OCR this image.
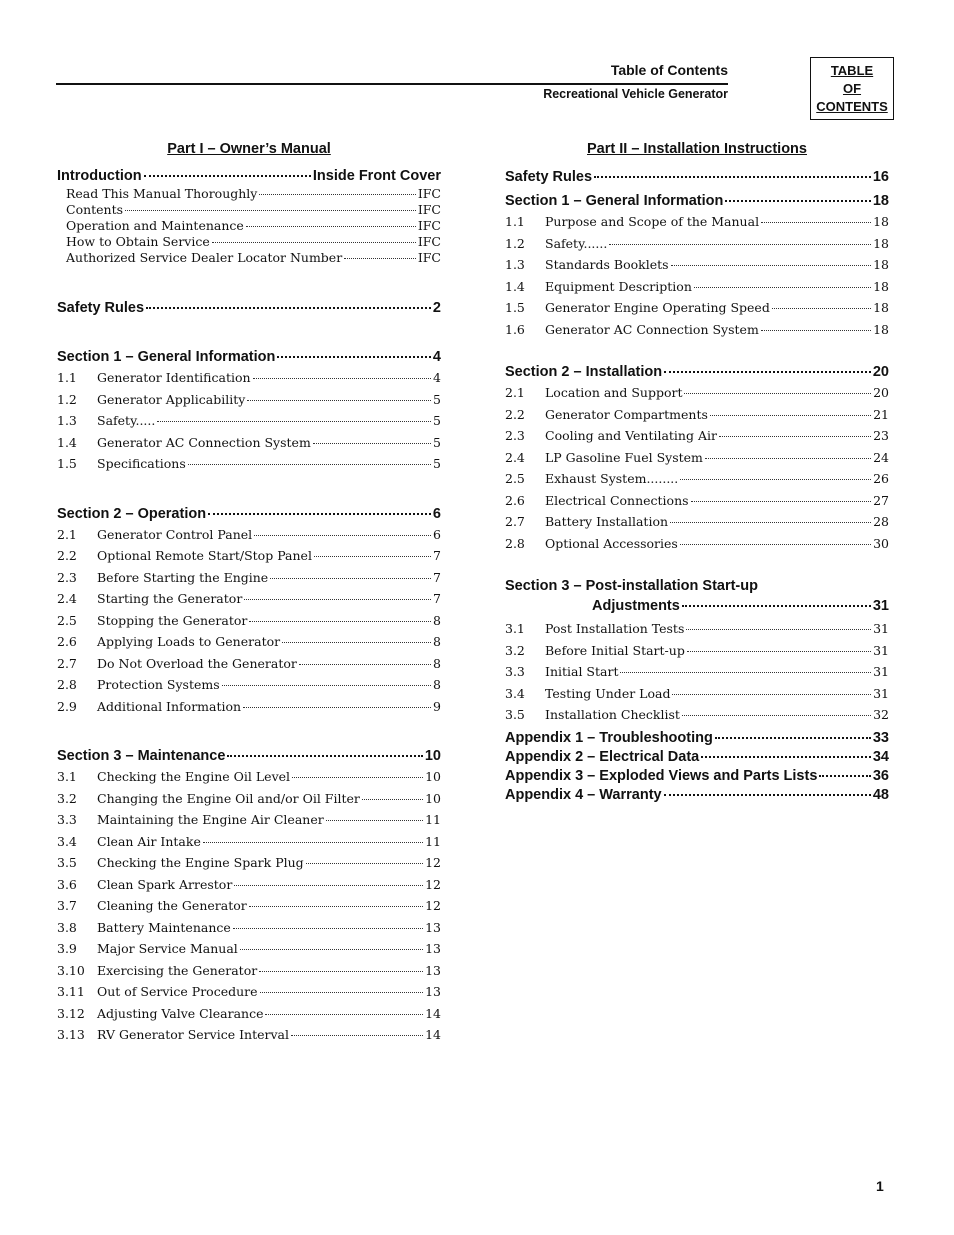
Table of Contents
Recreational Vehicle Generator
TABLE
OF
CONTENTS
Part I – Owner’s Manual
Introduction	Inside Front Cover
Read This Manual Thoroughly	IFC
Contents	IFC
Operation and Maintenance	IFC
How to Obtain Service	IFC
Authorized Service Dealer Locator Number	IFC
Safety Rules	2
Section 1 – General Information	4
1.1	Generator Identification	4
1.2	Generator Applicability	5
1.3	Safety.....	5
1.4	Generator AC Connection System	5
1.5	Specifications	5
Section 2 – Operation	6
2.1	Generator Control Panel	6
2.2	Optional Remote Start/Stop Panel	7
2.3	Before Starting the Engine	7
2.4	Starting the Generator	7
2.5	Stopping the Generator	8
2.6	Applying Loads to Generator	8
2.7	Do Not Overload the Generator	8
2.8	Protection Systems	8
2.9	Additional Information	9
Section 3 – Maintenance	10
3.1	Checking the Engine Oil Level	10
3.2	Changing the Engine Oil and/or Oil Filter	10
3.3	Maintaining the Engine Air Cleaner	11
3.4	Clean Air Intake	11
3.5	Checking the Engine Spark Plug	12
3.6	Clean Spark Arrestor	12
3.7	Cleaning the Generator	12
3.8	Battery Maintenance	13
3.9	Major Service Manual	13
3.10 Exercising the Generator	13
3.11 Out of Service Procedure	13
3.12 Adjusting Valve Clearance	14
3.13 RV Generator Service Interval	14
Part II – Installation Instructions
Safety Rules	16
Section 1 – General Information	18
1.1	Purpose and Scope of the Manual	18
1.2	Safety......	18
1.3	Standards Booklets	18
1.4	Equipment Description	18
1.5	Generator Engine Operating Speed	18
1.6	Generator AC Connection System	18
Section 2 – Installation	20
2.1	Location and Support	20
2.2	Generator Compartments	21
2.3	Cooling and Ventilating Air	23
2.4	LP Gasoline Fuel System	24
2.5	Exhaust System........	26
2.6	Electrical Connections	27
2.7	Battery Installation	28
2.8	Optional Accessories	30
Section 3 – Post-installation Start-up
Adjustments	31
3.1	Post Installation Tests	31
3.2	Before Initial Start-up	31
3.3	Initial Start	31
3.4	Testing Under Load	31
3.5	Installation Checklist	32
Appendix 1 – Troubleshooting	33
Appendix 2 – Electrical Data	34
Appendix 3 – Exploded Views and Parts Lists	36
Appendix 4 – Warranty	48
1
